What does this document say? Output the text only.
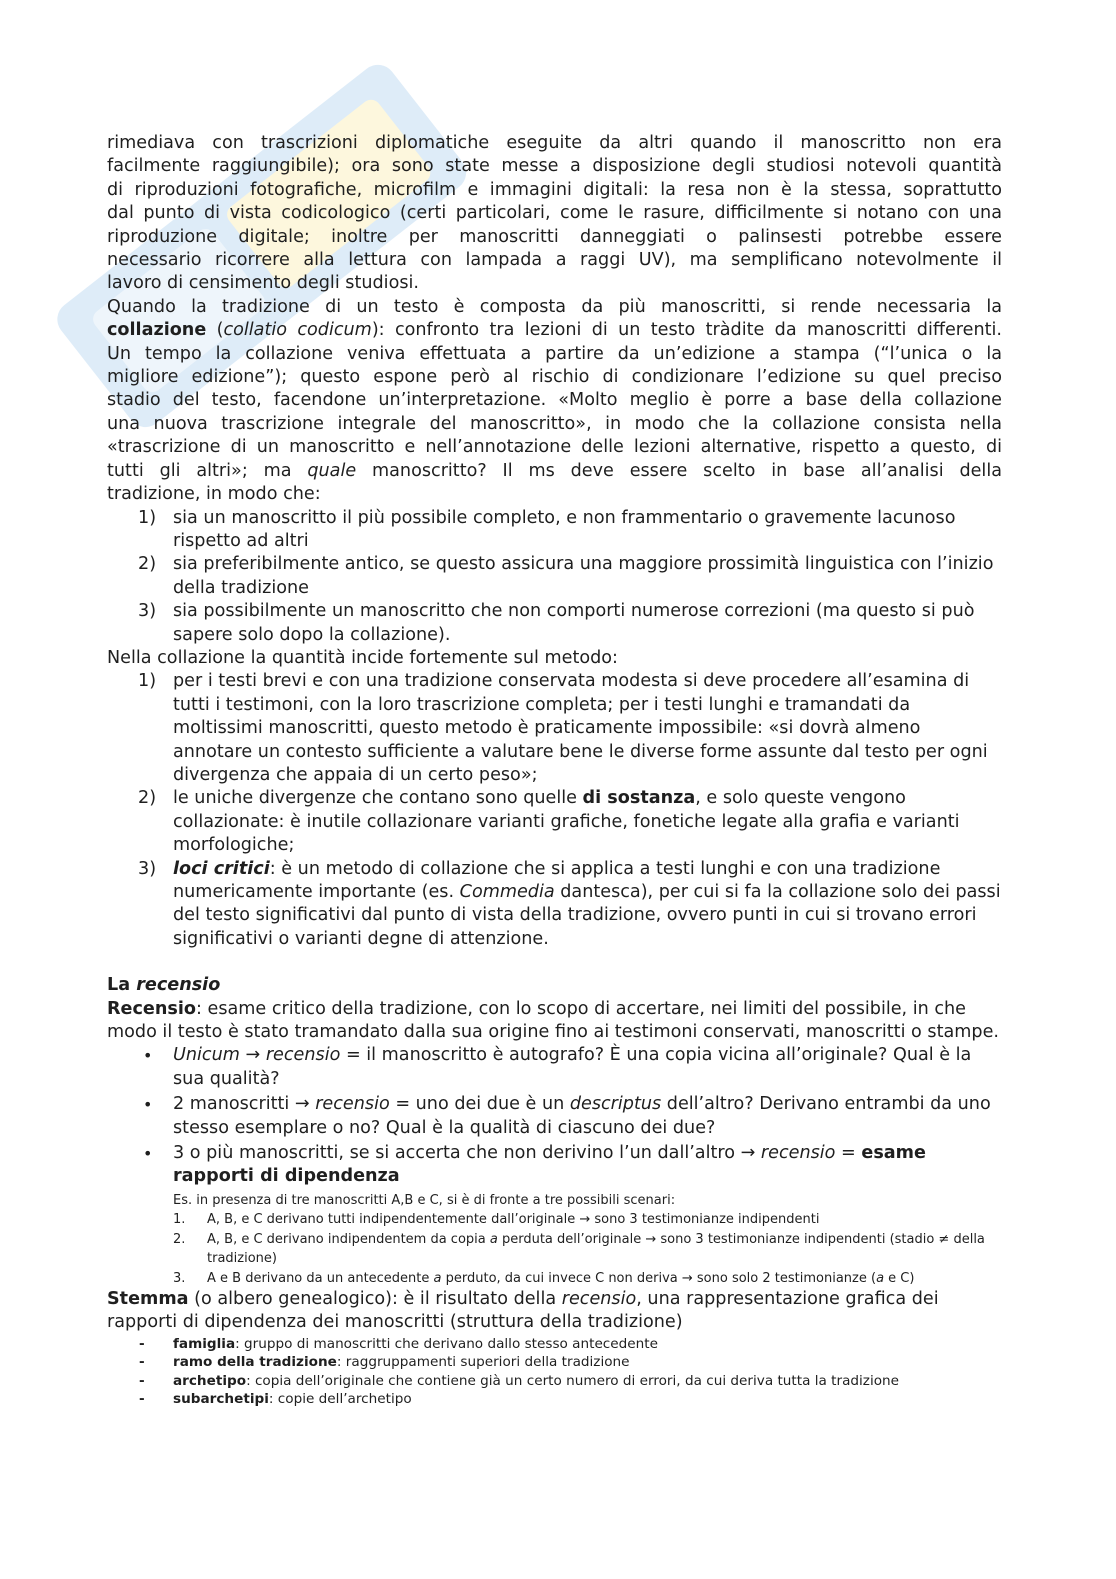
rimediava con trascrizioni diplomatiche eseguite da altri quando il manoscritto non era
facilmente raggiungibile); ora sono state messe a disposizione degli studiosi notevoli quantità
di riproduzioni fotografiche, microfilm e immagini digitali: la resa non è la stessa, soprattutto
dal punto di vista codicologico (certi particolari, come le rasure, difficilmente si notano con una
riproduzione digitale; inoltre per manoscritti danneggiati o palinsesti potrebbe essere
necessario ricorrere alla lettura con lampada a raggi UV), ma semplificano notevolmente il
lavoro di censimento degli studiosi.

Quando la tradizione di un testo è composta da più manoscritti, si rende necessaria la
collazione (collatio codicum): confronto tra lezioni di un testo tràdite da manoscritti differenti.
Un tempo la collazione veniva effettuata a partire da un’edizione a stampa (“l’unica o la
migliore edizione”); questo espone però al rischio di condizionare l’edizione su quel preciso
stadio del testo, facendone un’interpretazione. «Molto meglio è porre a base della collazione
una nuova trascrizione integrale del manoscritto», in modo che la collazione consista nella
«trascrizione di un manoscritto e nell’annotazione delle lezioni alternative, rispetto a questo, di
tutti gli altri»; ma quale manoscritto? Il ms deve essere scelto in base all’analisi della
tradizione, in modo che:

1) sia un manoscritto il più possibile completo, e non frammentario o gravemente lacunoso rispetto ad altri
2) sia preferibilmente antico, se questo assicura una maggiore prossimità linguistica con l’inizio della tradizione
3) sia possibilmente un manoscritto che non comporti numerose correzioni (ma questo si può sapere solo dopo la collazione).

Nella collazione la quantità incide fortemente sul metodo:

1) per i testi brevi e con una tradizione conservata modesta si deve procedere all’esamina di tutti i testimoni, con la loro trascrizione completa; per i testi lunghi e tramandati da moltissimi manoscritti, questo metodo è praticamente impossibile: «si dovrà almeno annotare un contesto sufficiente a valutare bene le diverse forme assunte dal testo per ogni divergenza che appaia di un certo peso»;
2) le uniche divergenze che contano sono quelle di sostanza, e solo queste vengono collazionate: è inutile collazionare varianti grafiche, fonetiche legate alla grafia e varianti morfologiche;
3) loci critici: è un metodo di collazione che si applica a testi lunghi e con una tradizione numericamente importante (es. Commedia dantesca), per cui si fa la collazione solo dei passi del testo significativi dal punto di vista della tradizione, ovvero punti in cui si trovano errori significativi o varianti degne di attenzione.

La recensio

Recensio: esame critico della tradizione, con lo scopo di accertare, nei limiti del possibile, in che modo il testo è stato tramandato dalla sua origine fino ai testimoni conservati, manoscritti o stampe.

• Unicum → recensio = il manoscritto è autografo? È una copia vicina all’originale? Qual è la sua qualità?
• 2 manoscritti → recensio = uno dei due è un descriptus dell’altro? Derivano entrambi da uno stesso esemplare o no? Qual è la qualità di ciascuno dei due?
• 3 o più manoscritti, se si accerta che non derivino l’un dall’altro → recensio = esame rapporti di dipendenza
Es. in presenza di tre manoscritti A,B e C, si è di fronte a tre possibili scenari:
1. A, B, e C derivano tutti indipendentemente dall’originale → sono 3 testimonianze indipendenti
2. A, B, e C derivano indipendentem da copia a perduta dell’originale → sono 3 testimonianze indipendenti (stadio ≠ della tradizione)
3. A e B derivano da un antecedente a perduto, da cui invece C non deriva → sono solo 2 testimonianze (a e C)

Stemma (o albero genealogico): è il risultato della recensio, una rappresentazione grafica dei rapporti di dipendenza dei manoscritti (struttura della tradizione)

- famiglia: gruppo di manoscritti che derivano dallo stesso antecedente
- ramo della tradizione: raggruppamenti superiori della tradizione
- archetipo: copia dell’originale che contiene già un certo numero di errori, da cui deriva tutta la tradizione
- subarchetipi: copie dell’archetipo
